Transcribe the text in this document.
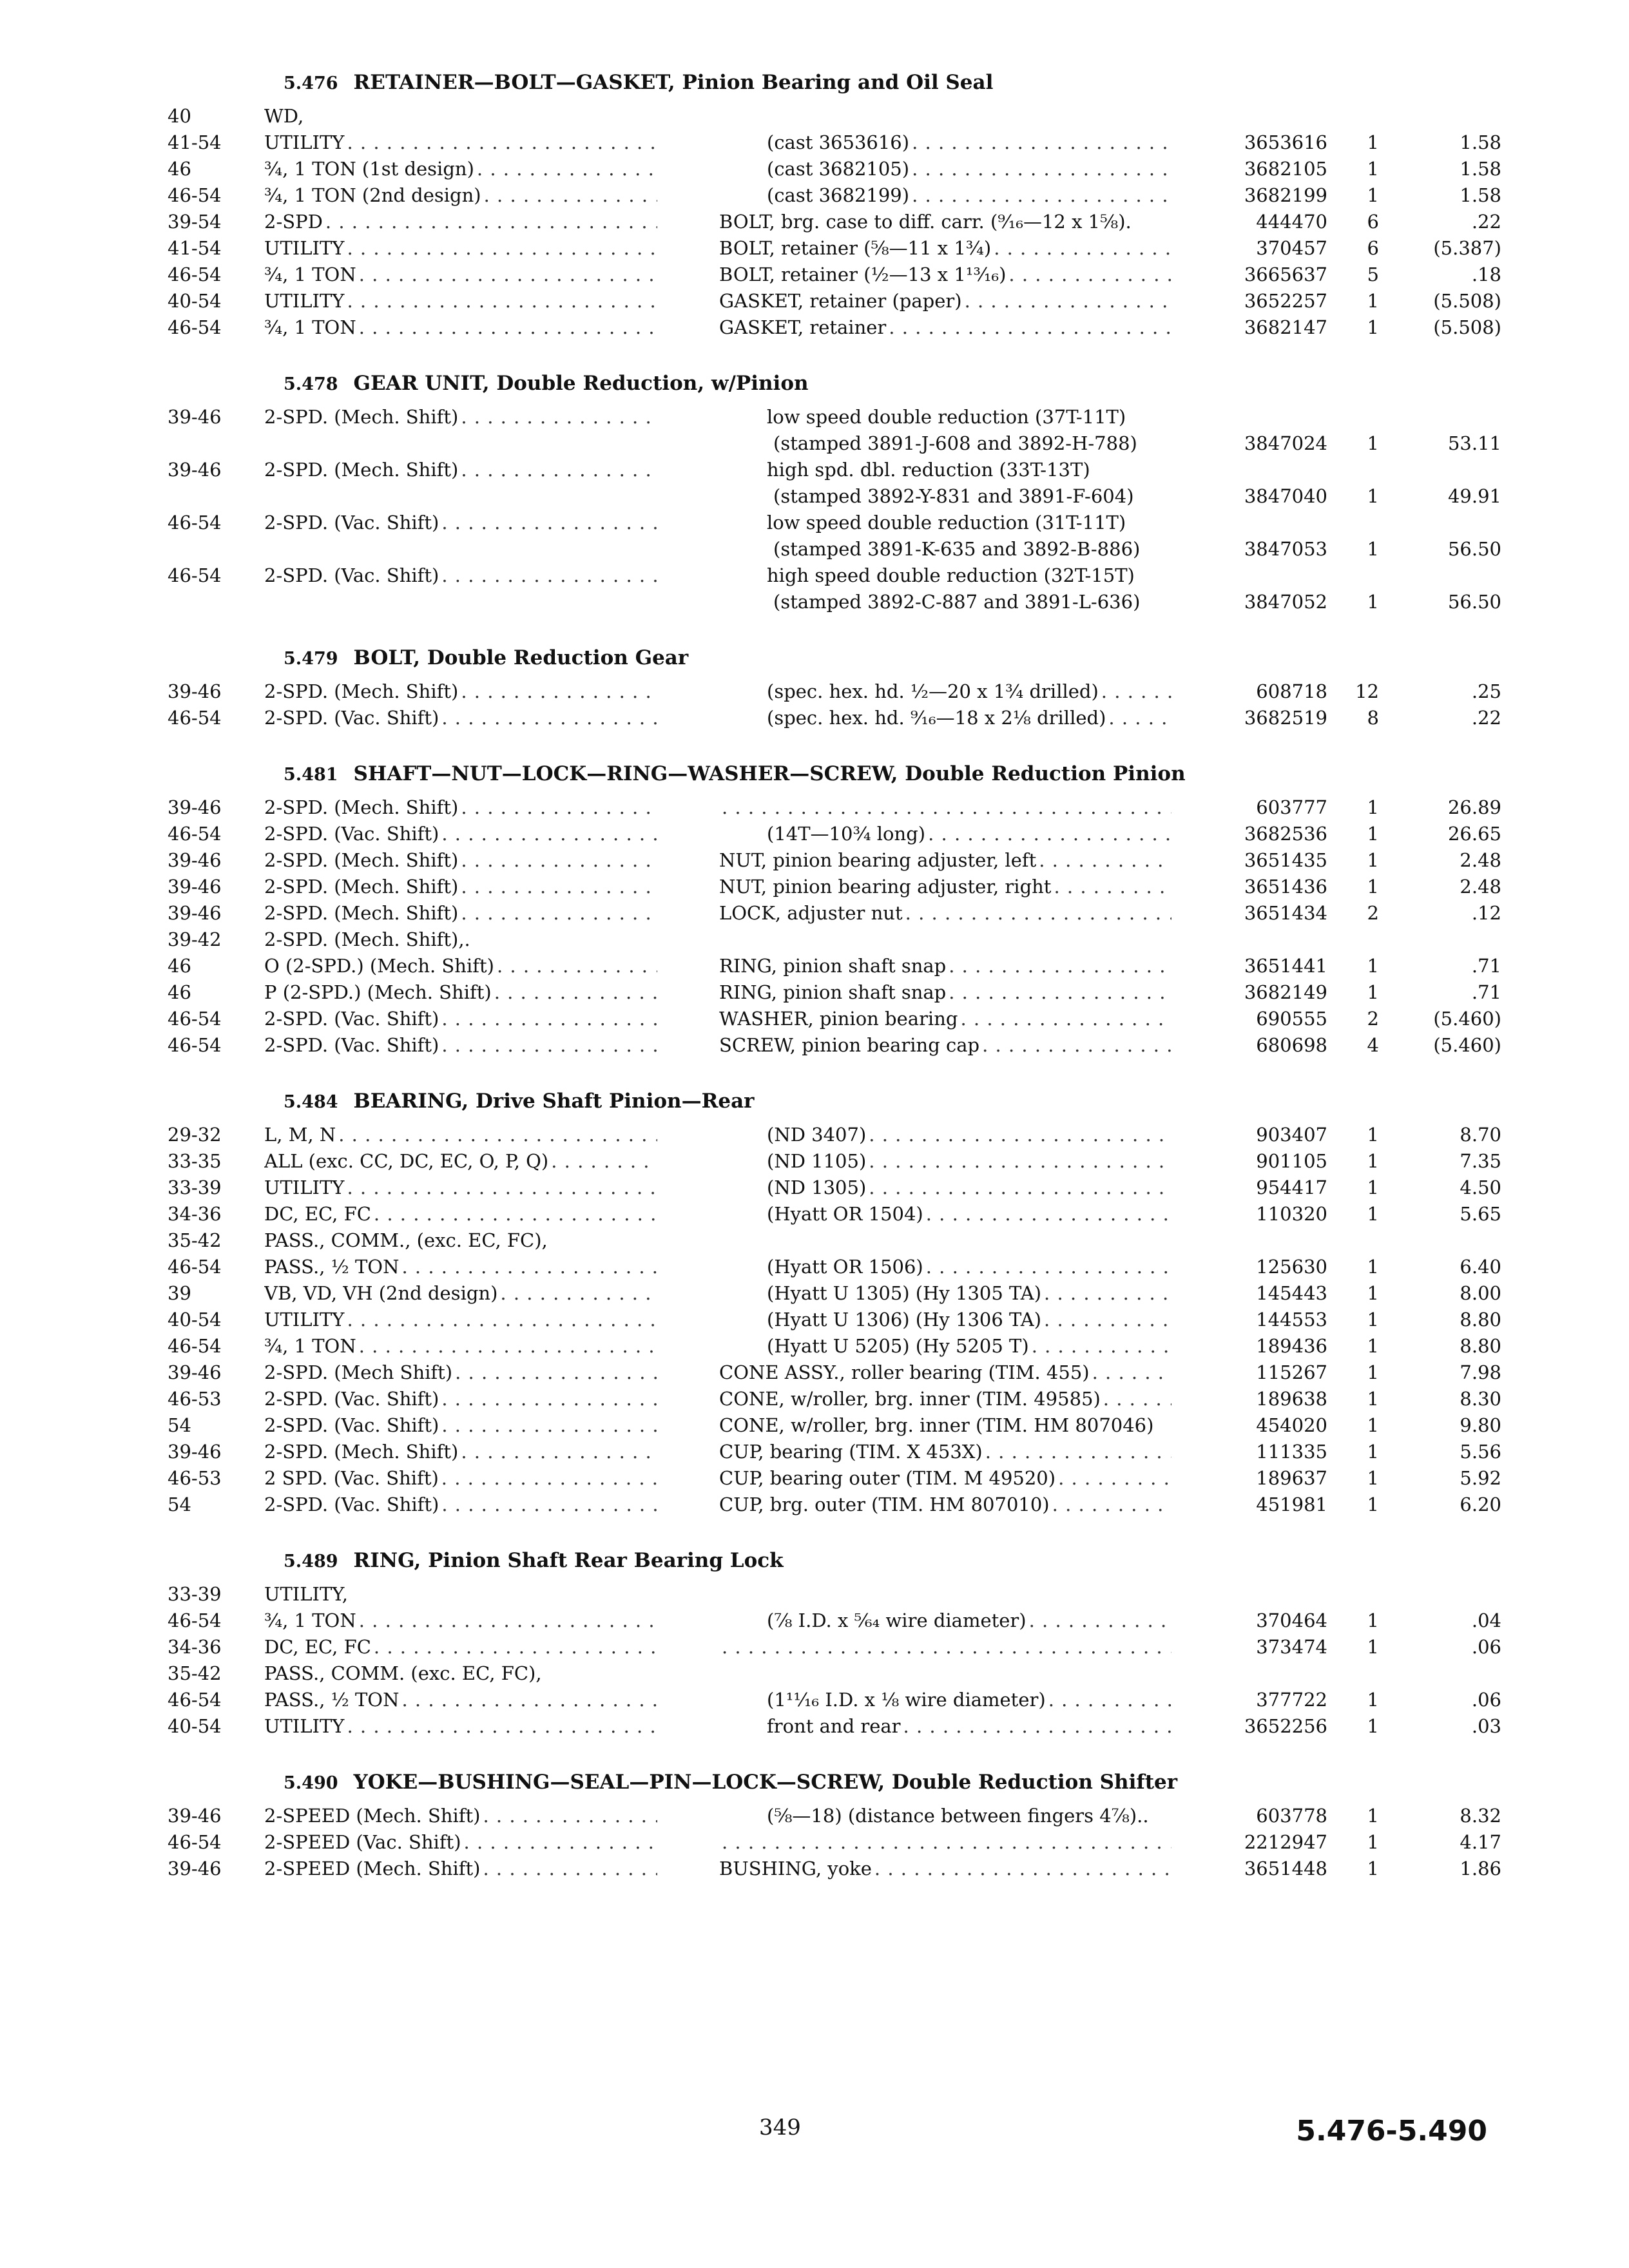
5.476 RETAINER—BOLT—GASKET, Pinion Bearing and Oil Seal
40	WD,
41-54	UTILITY . . .	(cast 3653616) . . .	3653616	1	1.58
46	¾, 1 TON (1st design) . . .	(cast 3682105) . . .	3682105	1	1.58
46-54	¾, 1 TON (2nd design) . . .	(cast 3682199) . . .	3682199	1	1.58
39-54	2-SPD . . .	BOLT, brg. case to diff. carr. (⁹⁄₁₆—12 x 1⅝).	444470	6	.22
41-54	UTILITY . . .	BOLT, retainer (⅝—11 x 1¾) . . .	370457	6	(5.387)
46-54	¾, 1 TON . . .	BOLT, retainer (½—13 x 1¹³⁄₁₆) . . .	3665637	5	.18
40-54	UTILITY . . .	GASKET, retainer (paper) . . .	3652257	1	(5.508)
46-54	¾, 1 TON . . .	GASKET, retainer . . .	3682147	1	(5.508)
5.478 GEAR UNIT, Double Reduction, w/Pinion
39-46	2-SPD. (Mech. Shift) . . .	low speed double reduction (37T-11T)
(stamped 3891-J-608 and 3892-H-788)	3847024	1	53.11
39-46	2-SPD. (Mech. Shift) . . .	high spd. dbl. reduction (33T-13T)
(stamped 3892-Y-831 and 3891-F-604)	3847040	1	49.91
46-54	2-SPD. (Vac. Shift) . . .	low speed double reduction (31T-11T)
(stamped 3891-K-635 and 3892-B-886)	3847053	1	56.50
46-54	2-SPD. (Vac. Shift) . . .	high speed double reduction (32T-15T)
(stamped 3892-C-887 and 3891-L-636)	3847052	1	56.50
5.479 BOLT, Double Reduction Gear
39-46	2-SPD. (Mech. Shift) . . .	(spec. hex. hd. ½—20 x 1¾ drilled) . . .	608718	12	.25
46-54	2-SPD. (Vac. Shift) . . .	(spec. hex. hd. ⁹⁄₁₆—18 x 2⅛ drilled) . . .	3682519	8	.22
5.481 SHAFT—NUT—LOCK—RING—WASHER—SCREW, Double Reduction Pinion
39-46	2-SPD. (Mech. Shift) . . . . . .	603777	1	26.89
46-54	2-SPD. (Vac. Shift) . . .	(14T—10¾ long) . . .	3682536	1	26.65
39-46	2-SPD. (Mech. Shift) . . .	NUT, pinion bearing adjuster, left . . .	3651435	1	2.48
39-46	2-SPD. (Mech. Shift) . . .	NUT, pinion bearing adjuster, right . . .	3651436	1	2.48
39-46	2-SPD. (Mech. Shift) . . .	LOCK, adjuster nut . . .	3651434	2	.12
39-42	2-SPD. (Mech. Shift),.
46	O (2-SPD.) (Mech. Shift) . . .	RING, pinion shaft snap . . .	3651441	1	.71
46	P (2-SPD.) (Mech. Shift) . . .	RING, pinion shaft snap . . .	3682149	1	.71
46-54	2-SPD. (Vac. Shift) . . .	WASHER, pinion bearing . . .	690555	2	(5.460)
46-54	2-SPD. (Vac. Shift) . . .	SCREW, pinion bearing cap . . .	680698	4	(5.460)
5.484 BEARING, Drive Shaft Pinion—Rear
29-32	L, M, N . . .	(ND 3407) . . .	903407	1	8.70
33-35	ALL (exc. CC, DC, EC, O, P, Q) . . .	(ND 1105) . . .	901105	1	7.35
33-39	UTILITY . . .	(ND 1305) . . .	954417	1	4.50
34-36	DC, EC, FC . . .	(Hyatt OR 1504) . . .	110320	1	5.65
35-42	PASS., COMM., (exc. EC, FC),
46-54	PASS., ½ TON . . .	(Hyatt OR 1506) . . .	125630	1	6.40
39	VB, VD, VH (2nd design) . . .	(Hyatt U 1305) (Hy 1305 TA) . . .	145443	1	8.00
40-54	UTILITY . . .	(Hyatt U 1306) (Hy 1306 TA) . . .	144553	1	8.80
46-54	¾, 1 TON . . .	(Hyatt U 5205) (Hy 5205 T) . . .	189436	1	8.80
39-46	2-SPD. (Mech Shift) . . .	CONE ASSY., roller bearing (TIM. 455) . . .	115267	1	7.98
46-53	2-SPD. (Vac. Shift) . . .	CONE, w/roller, brg. inner (TIM. 49585) . . .	189638	1	8.30
54	2-SPD. (Vac. Shift) . . .	CONE, w/roller, brg. inner (TIM. HM 807046)	454020	1	9.80
39-46	2-SPD. (Mech. Shift) . . .	CUP, bearing (TIM. X 453X) . . .	111335	1	5.56
46-53	2 SPD. (Vac. Shift) . . .	CUP, bearing outer (TIM. M 49520) . . .	189637	1	5.92
54	2-SPD. (Vac. Shift) . . .	CUP, brg. outer (TIM. HM 807010) . . .	451981	1	6.20
5.489 RING, Pinion Shaft Rear Bearing Lock
33-39	UTILITY,
46-54	¾, 1 TON . . .	(⅞ I.D. x ⁵⁄₆₄ wire diameter) . . .	370464	1	.04
34-36	DC, EC, FC . . . . . .	373474	1	.06
35-42	PASS., COMM. (exc. EC, FC),
46-54	PASS., ½ TON . . .	(1¹¹⁄₁₆ I.D. x ⅛ wire diameter) . . .	377722	1	.06
40-54	UTILITY . . .	front and rear . . .	3652256	1	.03
5.490 YOKE—BUSHING—SEAL—PIN—LOCK—SCREW, Double Reduction Shifter
39-46	2-SPEED (Mech. Shift) . . .	(⅝—18) (distance between fingers 4⅞)..	603778	1	8.32
46-54	2-SPEED (Vac. Shift) . . . . . .	2212947	1	4.17
39-46	2-SPEED (Mech. Shift) . . .	BUSHING, yoke . . .	3651448	1	1.86
349	5.476-5.490
